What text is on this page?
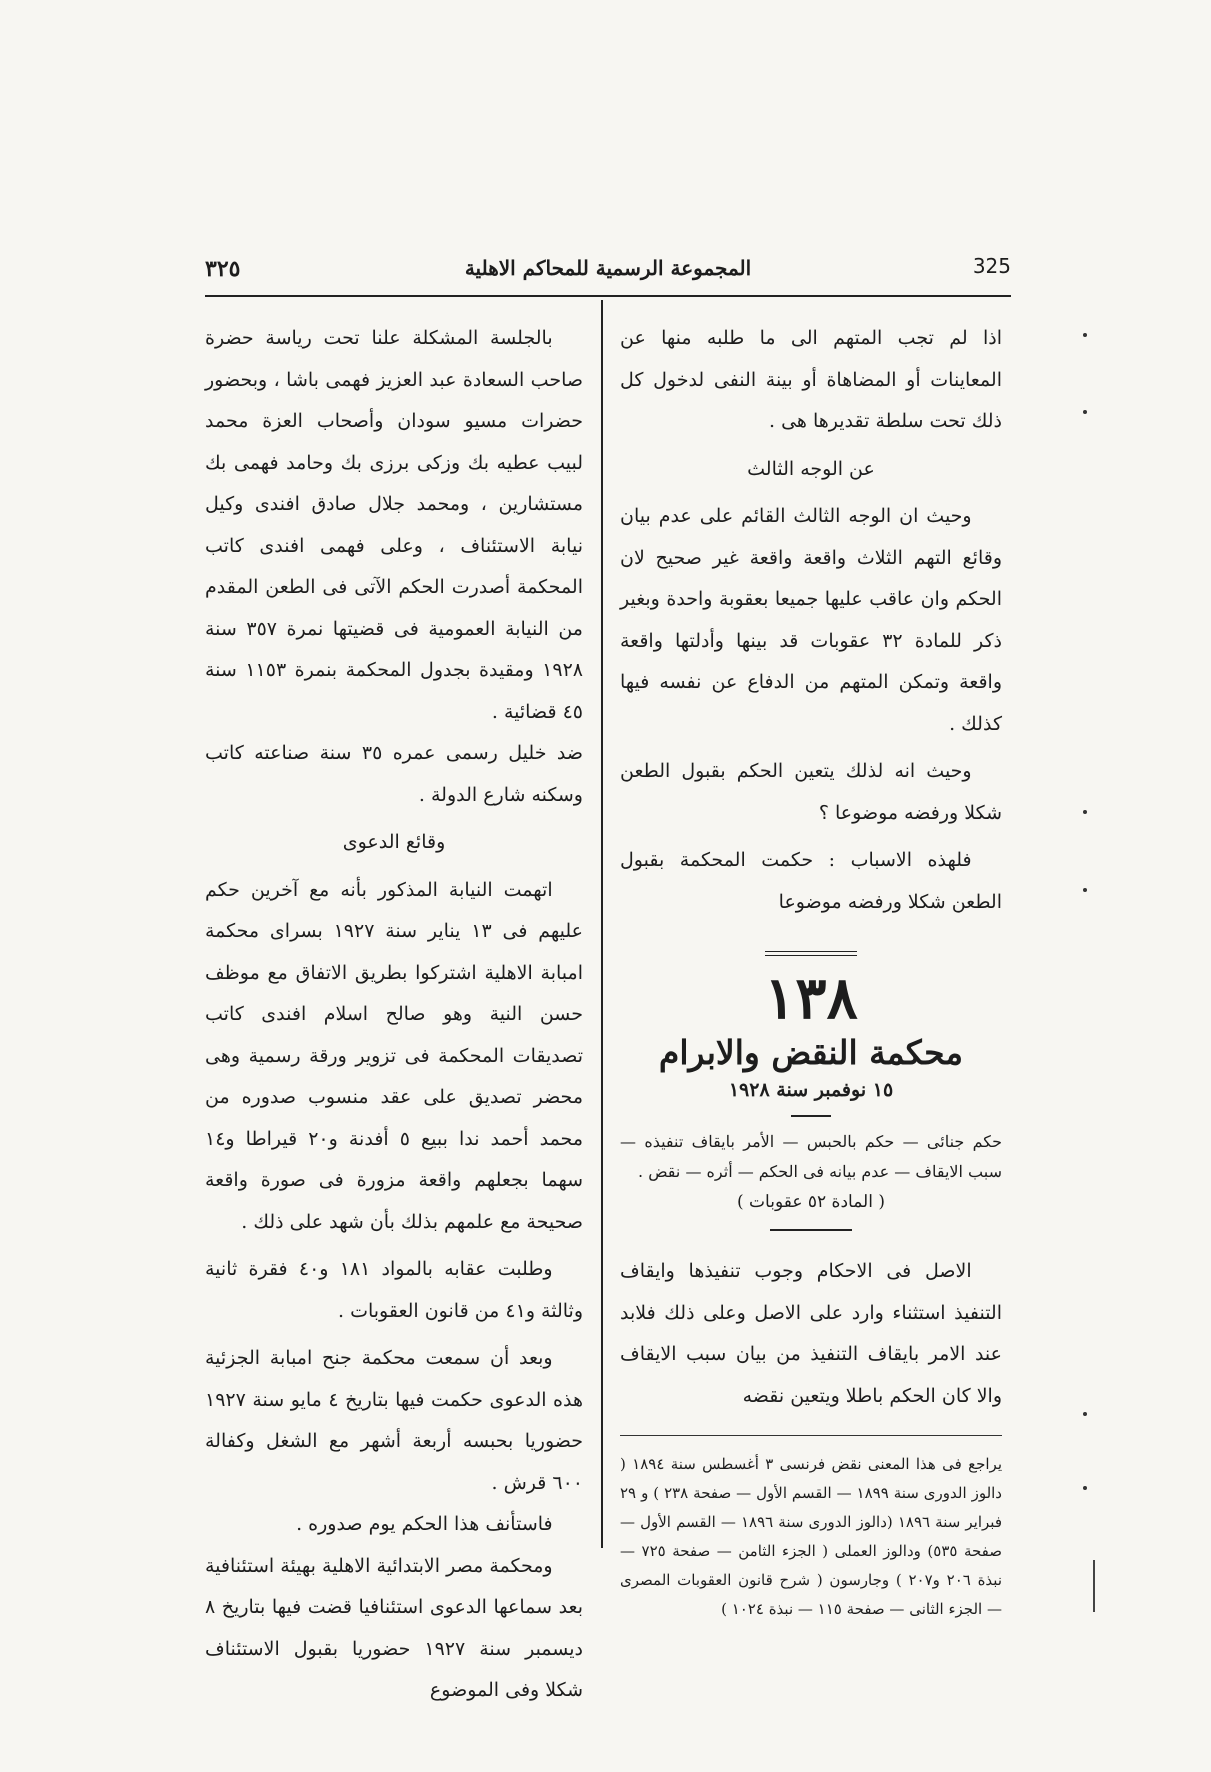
٣٢٥	المجموعة الرسمية للمحاكم الاهلية	325

اذا لم تجب المتهم الى ما طلبه منها عن المعاينات أو المضاهاة أو بينة النفى لدخول كل ذلك تحت سلطة تقديرها هى .

عن الوجه الثالث

وحيث ان الوجه الثالث القائم على عدم بيان وقائع التهم الثلاث واقعة واقعة غير صحيح لان الحكم وان عاقب عليها جميعا بعقوبة واحدة وبغير ذكر للمادة ٣٢ عقوبات قد بينها وأدلتها واقعة واقعة وتمكن المتهم من الدفاع عن نفسه فيها كذلك .

وحيث انه لذلك يتعين الحكم بقبول الطعن شكلا ورفضه موضوعا ؟

فلهذه الاسباب : حكمت المحكمة بقبول الطعن شكلا ورفضه موضوعا

١٣٨

محكمة النقض والابرام

١٥ نوفمبر سنة ١٩٢٨

حكم جنائى — حكم بالحبس — الأمر بايقاف تنفيذه — سبب الايقاف — عدم بيانه فى الحكم — أثره — نقض .

( المادة ٥٢ عقوبات )

الاصل فى الاحكام وجوب تنفيذها وايقاف التنفيذ استثناء وارد على الاصل وعلى ذلك فلابد عند الامر بايقاف التنفيذ من بيان سبب الايقاف والا كان الحكم باطلا ويتعين نقضه

يراجع فى هذا المعنى نقض فرنسى ٣ أغسطس سنة ١٨٩٤ ( دالوز الدورى سنة ١٨٩٩ — القسم الأول — صفحة ٢٣٨ ) و ٢٩ فبراير سنة ١٨٩٦ (دالوز الدورى سنة ١٨٩٦ — القسم الأول — صفحة ٥٣٥) ودالوز العملى ( الجزء الثامن — صفحة ٧٢٥ — نبذة ٢٠٦ و٢٠٧ ) وجارسون ( شرح قانون العقوبات المصرى — الجزء الثانى — صفحة ١١٥ — نبذة ١٠٢٤ )

بالجلسة المشكلة علنا تحت رياسة حضرة صاحب السعادة عبد العزيز فهمى باشا ، وبحضور حضرات مسيو سودان وأصحاب العزة محمد لبيب عطيه بك وزكى برزى بك وحامد فهمى بك مستشارين ، ومحمد جلال صادق افندى وكيل نيابة الاستئناف ، وعلى فهمى افندى كاتب المحكمة أصدرت الحكم الآتى فى الطعن المقدم من النيابة العمومية فى قضيتها نمرة ٣٥٧ سنة ١٩٢٨ ومقيدة بجدول المحكمة بنمرة ١١٥٣ سنة ٤٥ قضائية .

ضد خليل رسمى عمره ٣٥ سنة صناعته كاتب وسكنه شارع الدولة .

وقائع الدعوى

اتهمت النيابة المذكور بأنه مع آخرين حكم عليهم فى ١٣ يناير سنة ١٩٢٧ بسراى محكمة امبابة الاهلية اشتركوا بطريق الاتفاق مع موظف حسن النية وهو صالح اسلام افندى كاتب تصديقات المحكمة فى تزوير ورقة رسمية وهى محضر تصديق على عقد منسوب صدوره من محمد أحمد ندا ببيع ٥ أفدنة و٢٠ قيراطا و١٤ سهما بجعلهم واقعة مزورة فى صورة واقعة صحيحة مع علمهم بذلك بأن شهد على ذلك .

وطلبت عقابه بالمواد ١٨١ و٤٠ فقرة ثانية وثالثة و٤١ من قانون العقوبات .

وبعد أن سمعت محكمة جنح امبابة الجزئية هذه الدعوى حكمت فيها بتاريخ ٤ مايو سنة ١٩٢٧ حضوريا بحبسه أربعة أشهر مع الشغل وكفالة ٦٠٠ قرش .

فاستأنف هذا الحكم يوم صدوره .

ومحكمة مصر الابتدائية الاهلية بهيئة استئنافية بعد سماعها الدعوى استئنافيا قضت فيها بتاريخ ٨ ديسمبر سنة ١٩٢٧ حضوريا بقبول الاستئناف شكلا وفى الموضوع
